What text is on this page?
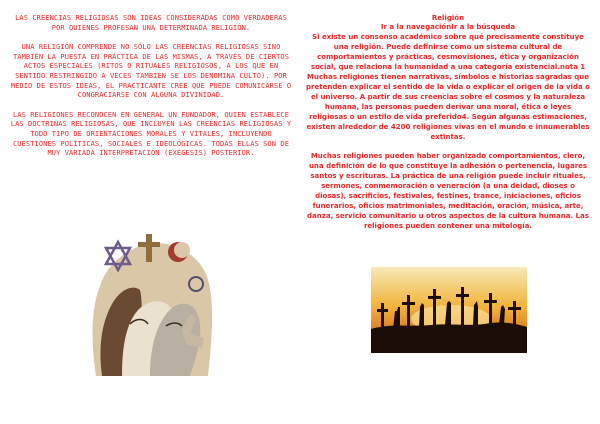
LAS CREENCIAS RELIGIOSAS SON IDEAS CONSIDERADAS COMO VERDADERAS POR QUIENES PROFESAN UNA DETERMINADA RELIGIÓN.

UNA RELIGIÓN COMPRENDE NO SÓLO LAS CREENCIAS RELIGIOSAS SINO TAMBIÉN LA PUESTA EN PRÁCTICA DE LAS MISMAS, A TRAVÉS DE CIERTOS ACTOS ESPECIALES (RITOS O RITUALES RELIGIOSOS, A LOS QUE EN SENTIDO RESTRINGIDO A VECES TAMBIÉN SE LOS DENOMINA CULTO). POR MEDIO DE ESTOS IDEAS, EL PRACTICANTE CREE QUE PUEDE COMUNICARSE O CONGRACIARSE CON ALGUNA DIVINIDAD.

LAS RELIGIONES RECONOCEN EN GENERAL UN FUNDADOR, QUIEN ESTABLECE LAS DOCTRINAS RELIGIOSAS, QUE INCLUYEN LAS CREENCIAS RELIGIOSAS Y TODO TIPO DE ORIENTACIONES MORALES Y VITALES, INCLUYENDO CUESTIONES POLÍTICAS, SOCIALES E IDEOLÓGICAS. TODAS ELLAS SON DE MUY VARIADA INTERPRETACIÓN (EXÉGESIS) POSTERIOR.

Religión

Ir a la navegaciónIr a la búsqueda

Si existe un consenso académico sobre qué precisamente constituye una religión. Puede definirse como un sistema cultural de comportamientos y prácticas, cosmovisiones, ética y organización social, que relaciona la humanidad a una categoría existencial.nota 1 Muchas religiones tienen narrativas, símbolos e historias sagradas que pretenden explicar el sentido de la vida o explicar el origen de la vida o el universo. A partir de sus creencias sobre el cosmos y la naturaleza humana, las personas pueden derivar una moral, ética o leyes religiosas o un estilo de vida preferido4. Según algunas estimaciones, existen alrededor de 4200 religiones vivas en el mundo e innumerables extintas.

Muchas religiones pueden haber organizado comportamientos, clero, una definición de lo que constituye la adhesión o pertenencia, lugares santos y escrituras. La práctica de una religión puede incluir rituales, sermones, conmemoración o veneración (a una deidad, dioses o diosas), sacrificios, festivales, festines, trance, iniciaciones, oficios funerarios, oficios matrimoniales, meditación, oración, música, arte, danza, servicio comunitario u otros aspectos de la cultura humana. Las religiones pueden contener una mitología.
